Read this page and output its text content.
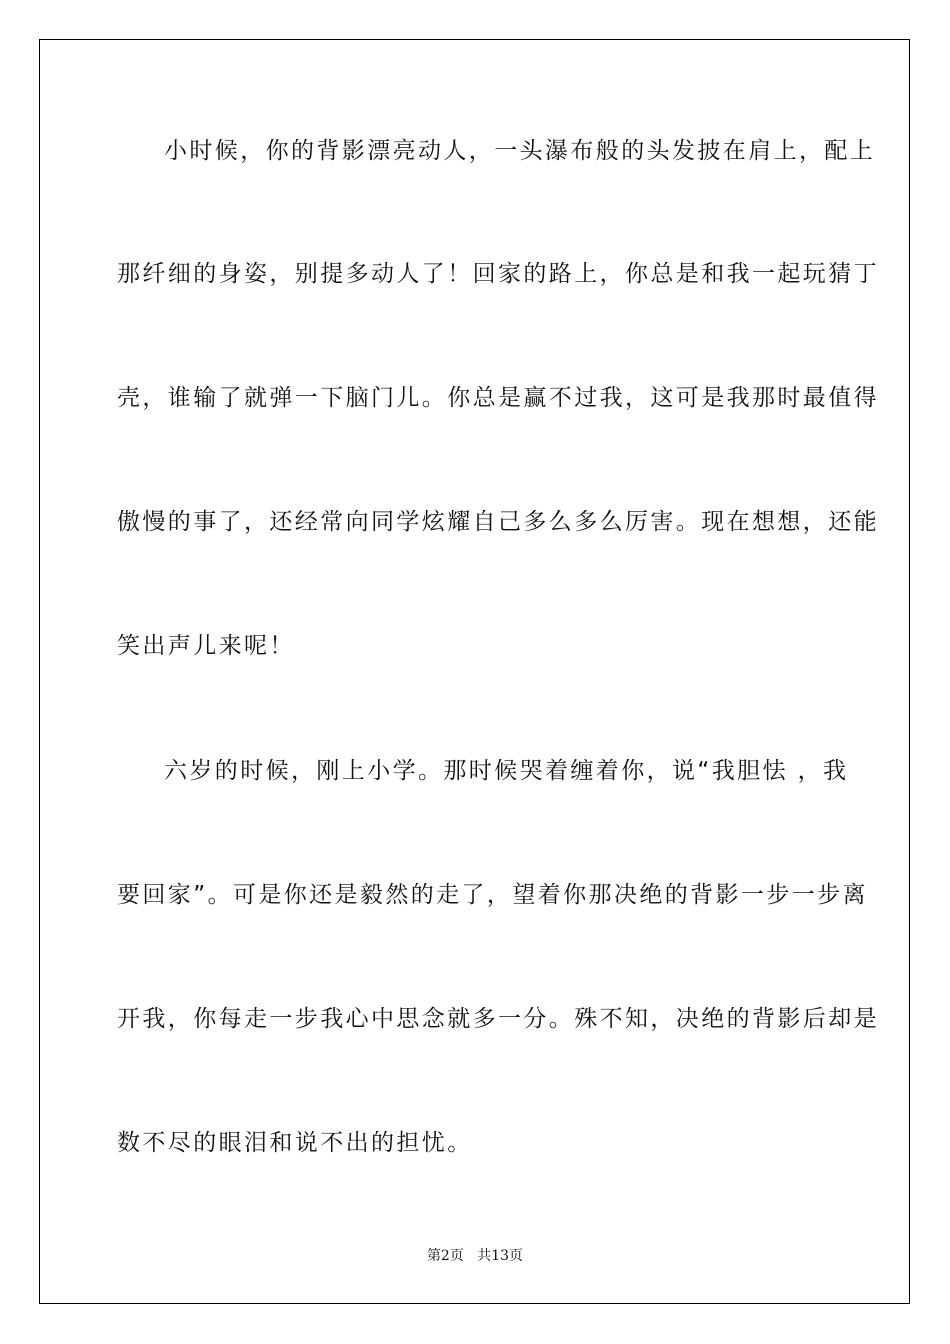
小时候，你的背影漂亮动人，一头瀑布般的头发披在肩上，配上
那纤细的身姿，别提多动人了！回家的路上，你总是和我一起玩猜丁
壳，谁输了就弹一下脑门儿。你总是赢不过我，这可是我那时最值得
傲慢的事了，还经常向同学炫耀自己多么多么厉害。现在想想，还能
笑出声儿来呢！
六岁的时候，刚上小学。那时候哭着缠着你，说“我胆怯 ，我
要回家”。可是你还是毅然的走了，望着你那决绝的背影一步一步离
开我，你每走一步我心中思念就多一分。殊不知，决绝的背影后却是
数不尽的眼泪和说不出的担忧。
第2页 共13页
